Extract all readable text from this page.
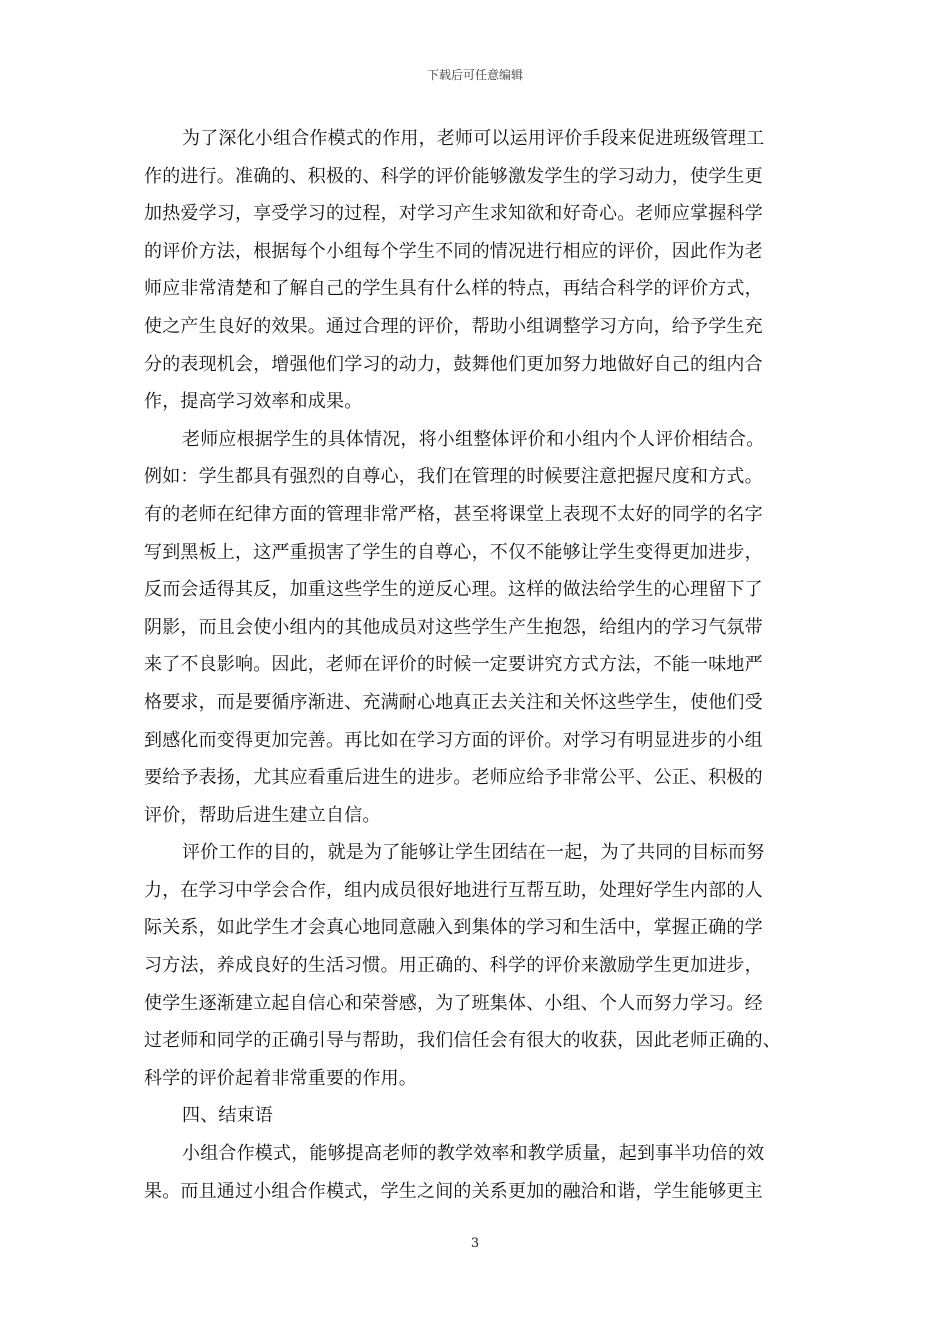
下载后可任意编辑
为了深化小组合作模式的作用，老师可以运用评价手段来促进班级管理工
作的进行。准确的、积极的、科学的评价能够激发学生的学习动力，使学生更
加热爱学习，享受学习的过程，对学习产生求知欲和好奇心。老师应掌握科学
的评价方法，根据每个小组每个学生不同的情况进行相应的评价，因此作为老
师应非常清楚和了解自己的学生具有什么样的特点，再结合科学的评价方式，
使之产生良好的效果。通过合理的评价，帮助小组调整学习方向，给予学生充
分的表现机会，增强他们学习的动力，鼓舞他们更加努力地做好自己的组内合
作，提高学习效率和成果。
老师应根据学生的具体情况，将小组整体评价和小组内个人评价相结合。
例如：学生都具有强烈的自尊心，我们在管理的时候要注意把握尺度和方式。
有的老师在纪律方面的管理非常严格，甚至将课堂上表现不太好的同学的名字
写到黑板上，这严重损害了学生的自尊心，不仅不能够让学生变得更加进步，
反而会适得其反，加重这些学生的逆反心理。这样的做法给学生的心理留下了
阴影，而且会使小组内的其他成员对这些学生产生抱怨，给组内的学习气氛带
来了不良影响。因此，老师在评价的时候一定要讲究方式方法，不能一味地严
格要求，而是要循序渐进、充满耐心地真正去关注和关怀这些学生，使他们受
到感化而变得更加完善。再比如在学习方面的评价。对学习有明显进步的小组
要给予表扬，尤其应看重后进生的进步。老师应给予非常公平、公正、积极的
评价，帮助后进生建立自信。
评价工作的目的，就是为了能够让学生团结在一起，为了共同的目标而努
力，在学习中学会合作，组内成员很好地进行互帮互助，处理好学生内部的人
际关系，如此学生才会真心地同意融入到集体的学习和生活中，掌握正确的学
习方法，养成良好的生活习惯。用正确的、科学的评价来激励学生更加进步，
使学生逐渐建立起自信心和荣誉感，为了班集体、小组、个人而努力学习。经
过老师和同学的正确引导与帮助，我们信任会有很大的收获，因此老师正确的、
科学的评价起着非常重要的作用。
四、结束语
小组合作模式，能够提高老师的教学效率和教学质量，起到事半功倍的效
果。而且通过小组合作模式，学生之间的关系更加的融洽和谐，学生能够更主
3
